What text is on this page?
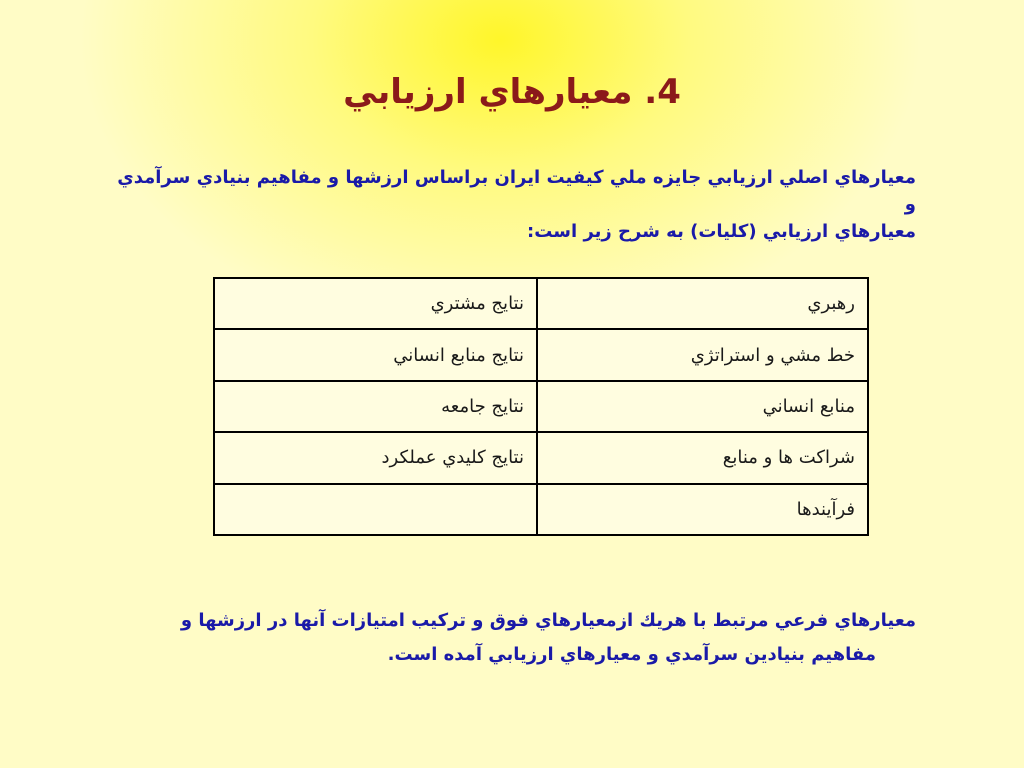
4. معيارهاي ارزيابي
معيارهاي اصلي ارزيابي جايزه ملي كيفيت ايران براساس ارزشها و مفاهيم بنيادي سرآمدي
و
معيارهاي ارزيابي (كليات) به شرح زير است:
رهبري	نتايج مشتري
خط مشي و استراتژي	نتايج منابع انساني
منابع انساني	نتايج جامعه
شراكت ها و منابع	نتايج كليدي عملكرد
فرآيندها	
معيارهاي فرعي مرتبط با هريك ازمعيارهاي فوق و تركيب امتيازات آنها در ارزشها و
مفاهيم بنيادين سرآمدي و معيارهاي ارزيابي آمده است.
